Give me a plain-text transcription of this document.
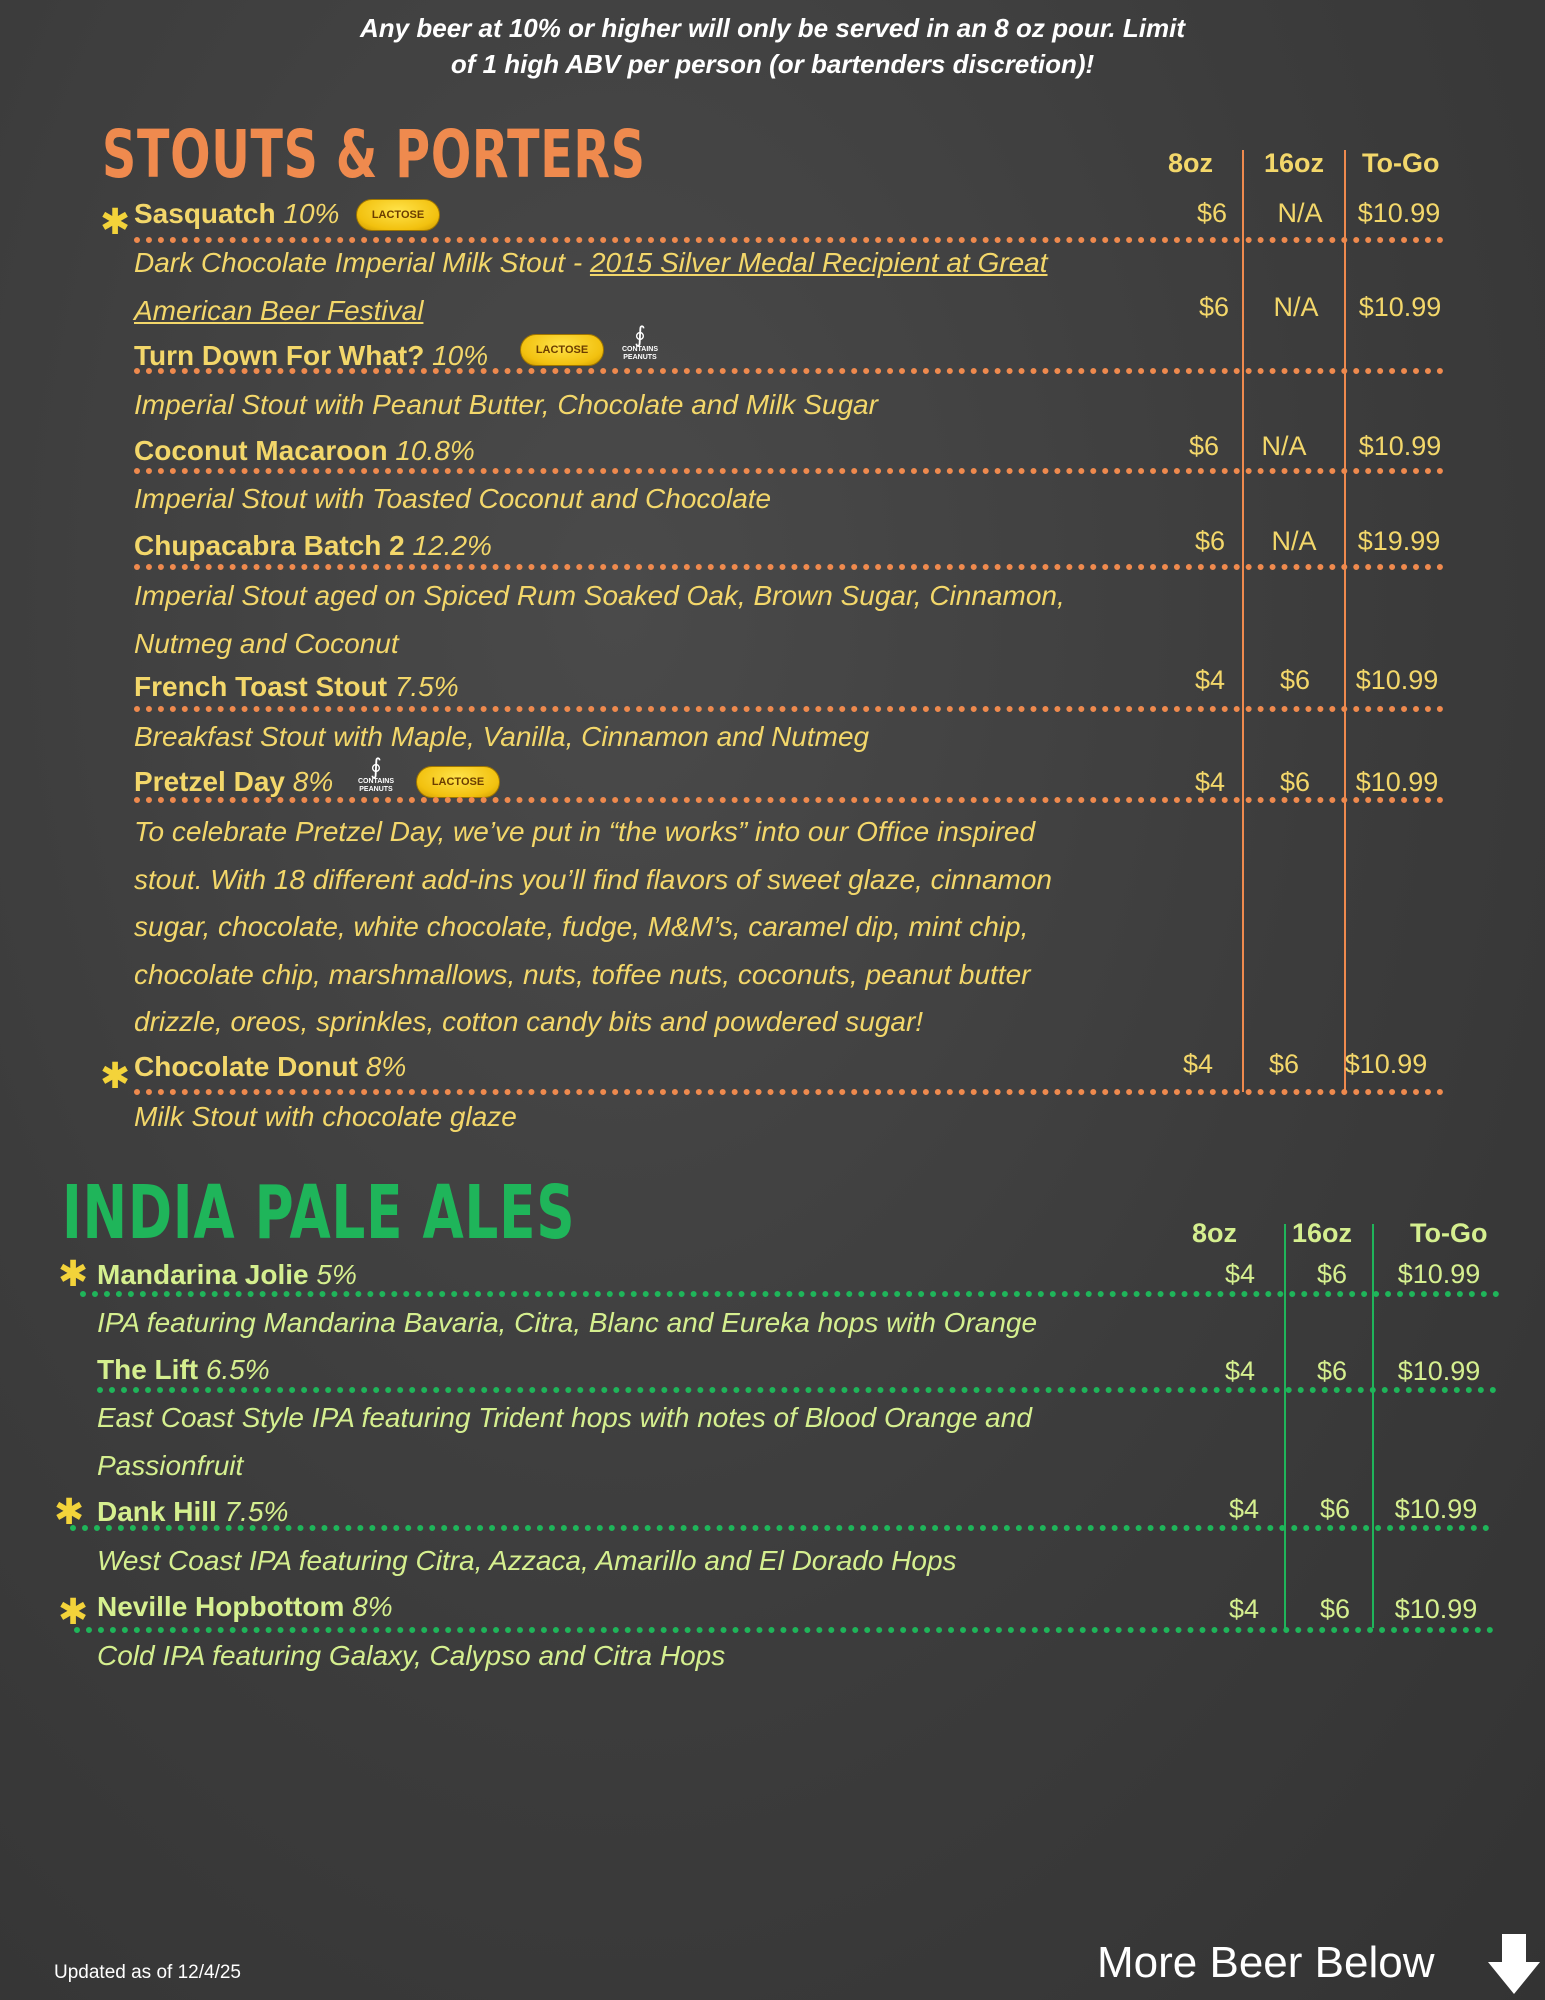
Any beer at 10% or higher will only be served in an 8 oz pour. Limit
of 1 high ABV per person (or bartenders discretion)!
STOUTS & PORTERS	8oz 16oz To-Go
✱ Sasquatch 10%	LACTOSE	$6	N/A	$10.99
Dark Chocolate Imperial Milk Stout - 2015 Silver Medal Recipient at Great
American Beer Festival	$6	N/A	$10.99
Turn Down For What? 10%	LACTOSE
∮
CONTAINS
PEANUTS
Imperial Stout with Peanut Butter, Chocolate and Milk Sugar
Coconut Macaroon 10.8%	$6	N/A	$10.99
Imperial Stout with Toasted Coconut and Chocolate
Chupacabra Batch 2 12.2%	$6	N/A	$19.99
Imperial Stout aged on Spiced Rum Soaked Oak, Brown Sugar, Cinnamon,
Nutmeg and Coconut
French Toast Stout 7.5%	$4	$6	$10.99
Breakfast Stout with Maple, Vanilla, Cinnamon and Nutmeg
Pretzel Day 8%	∮
CONTAINS
PEANUTS
LACTOSE	$4	$6	$10.99
To celebrate Pretzel Day, we’ve put in “the works” into our Office inspired
stout. With 18 different add-ins you’ll find flavors of sweet glaze, cinnamon
sugar, chocolate, white chocolate, fudge, M&M’s, caramel dip, mint chip,
chocolate chip, marshmallows, nuts, toffee nuts, coconuts, peanut butter
drizzle, oreos, sprinkles, cotton candy bits and powdered sugar!
✱ Chocolate Donut 8%	$4	$6	$10.99
Milk Stout with chocolate glaze
INDIA PALE ALES	8oz 16oz To-Go
✱ Mandarina Jolie 5%	$4	$6	$10.99
IPA featuring Mandarina Bavaria, Citra, Blanc and Eureka hops with Orange
The Lift 6.5%	$4	$6	$10.99
East Coast Style IPA featuring Trident hops with notes of Blood Orange and
Passionfruit
✱ Dank Hill 7.5%	$4	$6	$10.99
West Coast IPA featuring Citra, Azzaca, Amarillo and El Dorado Hops
✱ Neville Hopbottom 8%	$4	$6	$10.99
Cold IPA featuring Galaxy, Calypso and Citra Hops
Updated as of 12/4/25	More Beer Below
